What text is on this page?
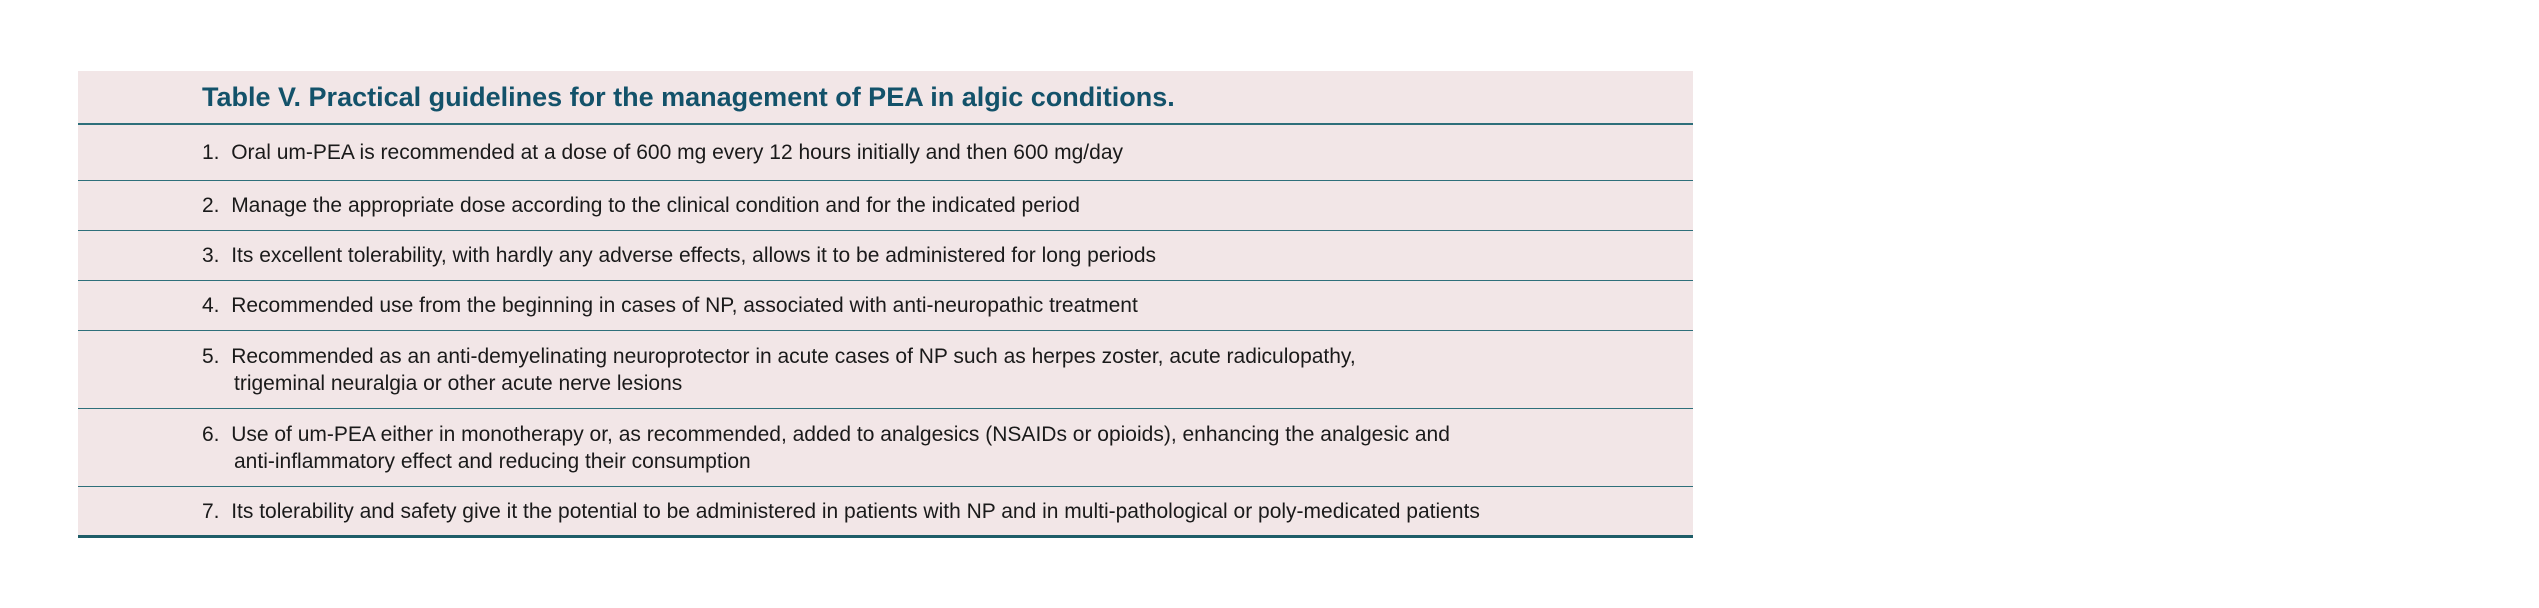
Table V. Practical guidelines for the management of PEA in algic conditions.
1. Oral um-PEA is recommended at a dose of 600 mg every 12 hours initially and then 600 mg/day
2. Manage the appropriate dose according to the clinical condition and for the indicated period
3. Its excellent tolerability, with hardly any adverse effects, allows it to be administered for long periods
4. Recommended use from the beginning in cases of NP, associated with anti-neuropathic treatment
5. Recommended as an anti-demyelinating neuroprotector in acute cases of NP such as herpes zoster, acute radiculopathy,
trigeminal neuralgia or other acute nerve lesions
6. Use of um-PEA either in monotherapy or, as recommended, added to analgesics (NSAIDs or opioids), enhancing the analgesic and
anti-inflammatory effect and reducing their consumption
7. Its tolerability and safety give it the potential to be administered in patients with NP and in multi-pathological or poly-medicated patients
